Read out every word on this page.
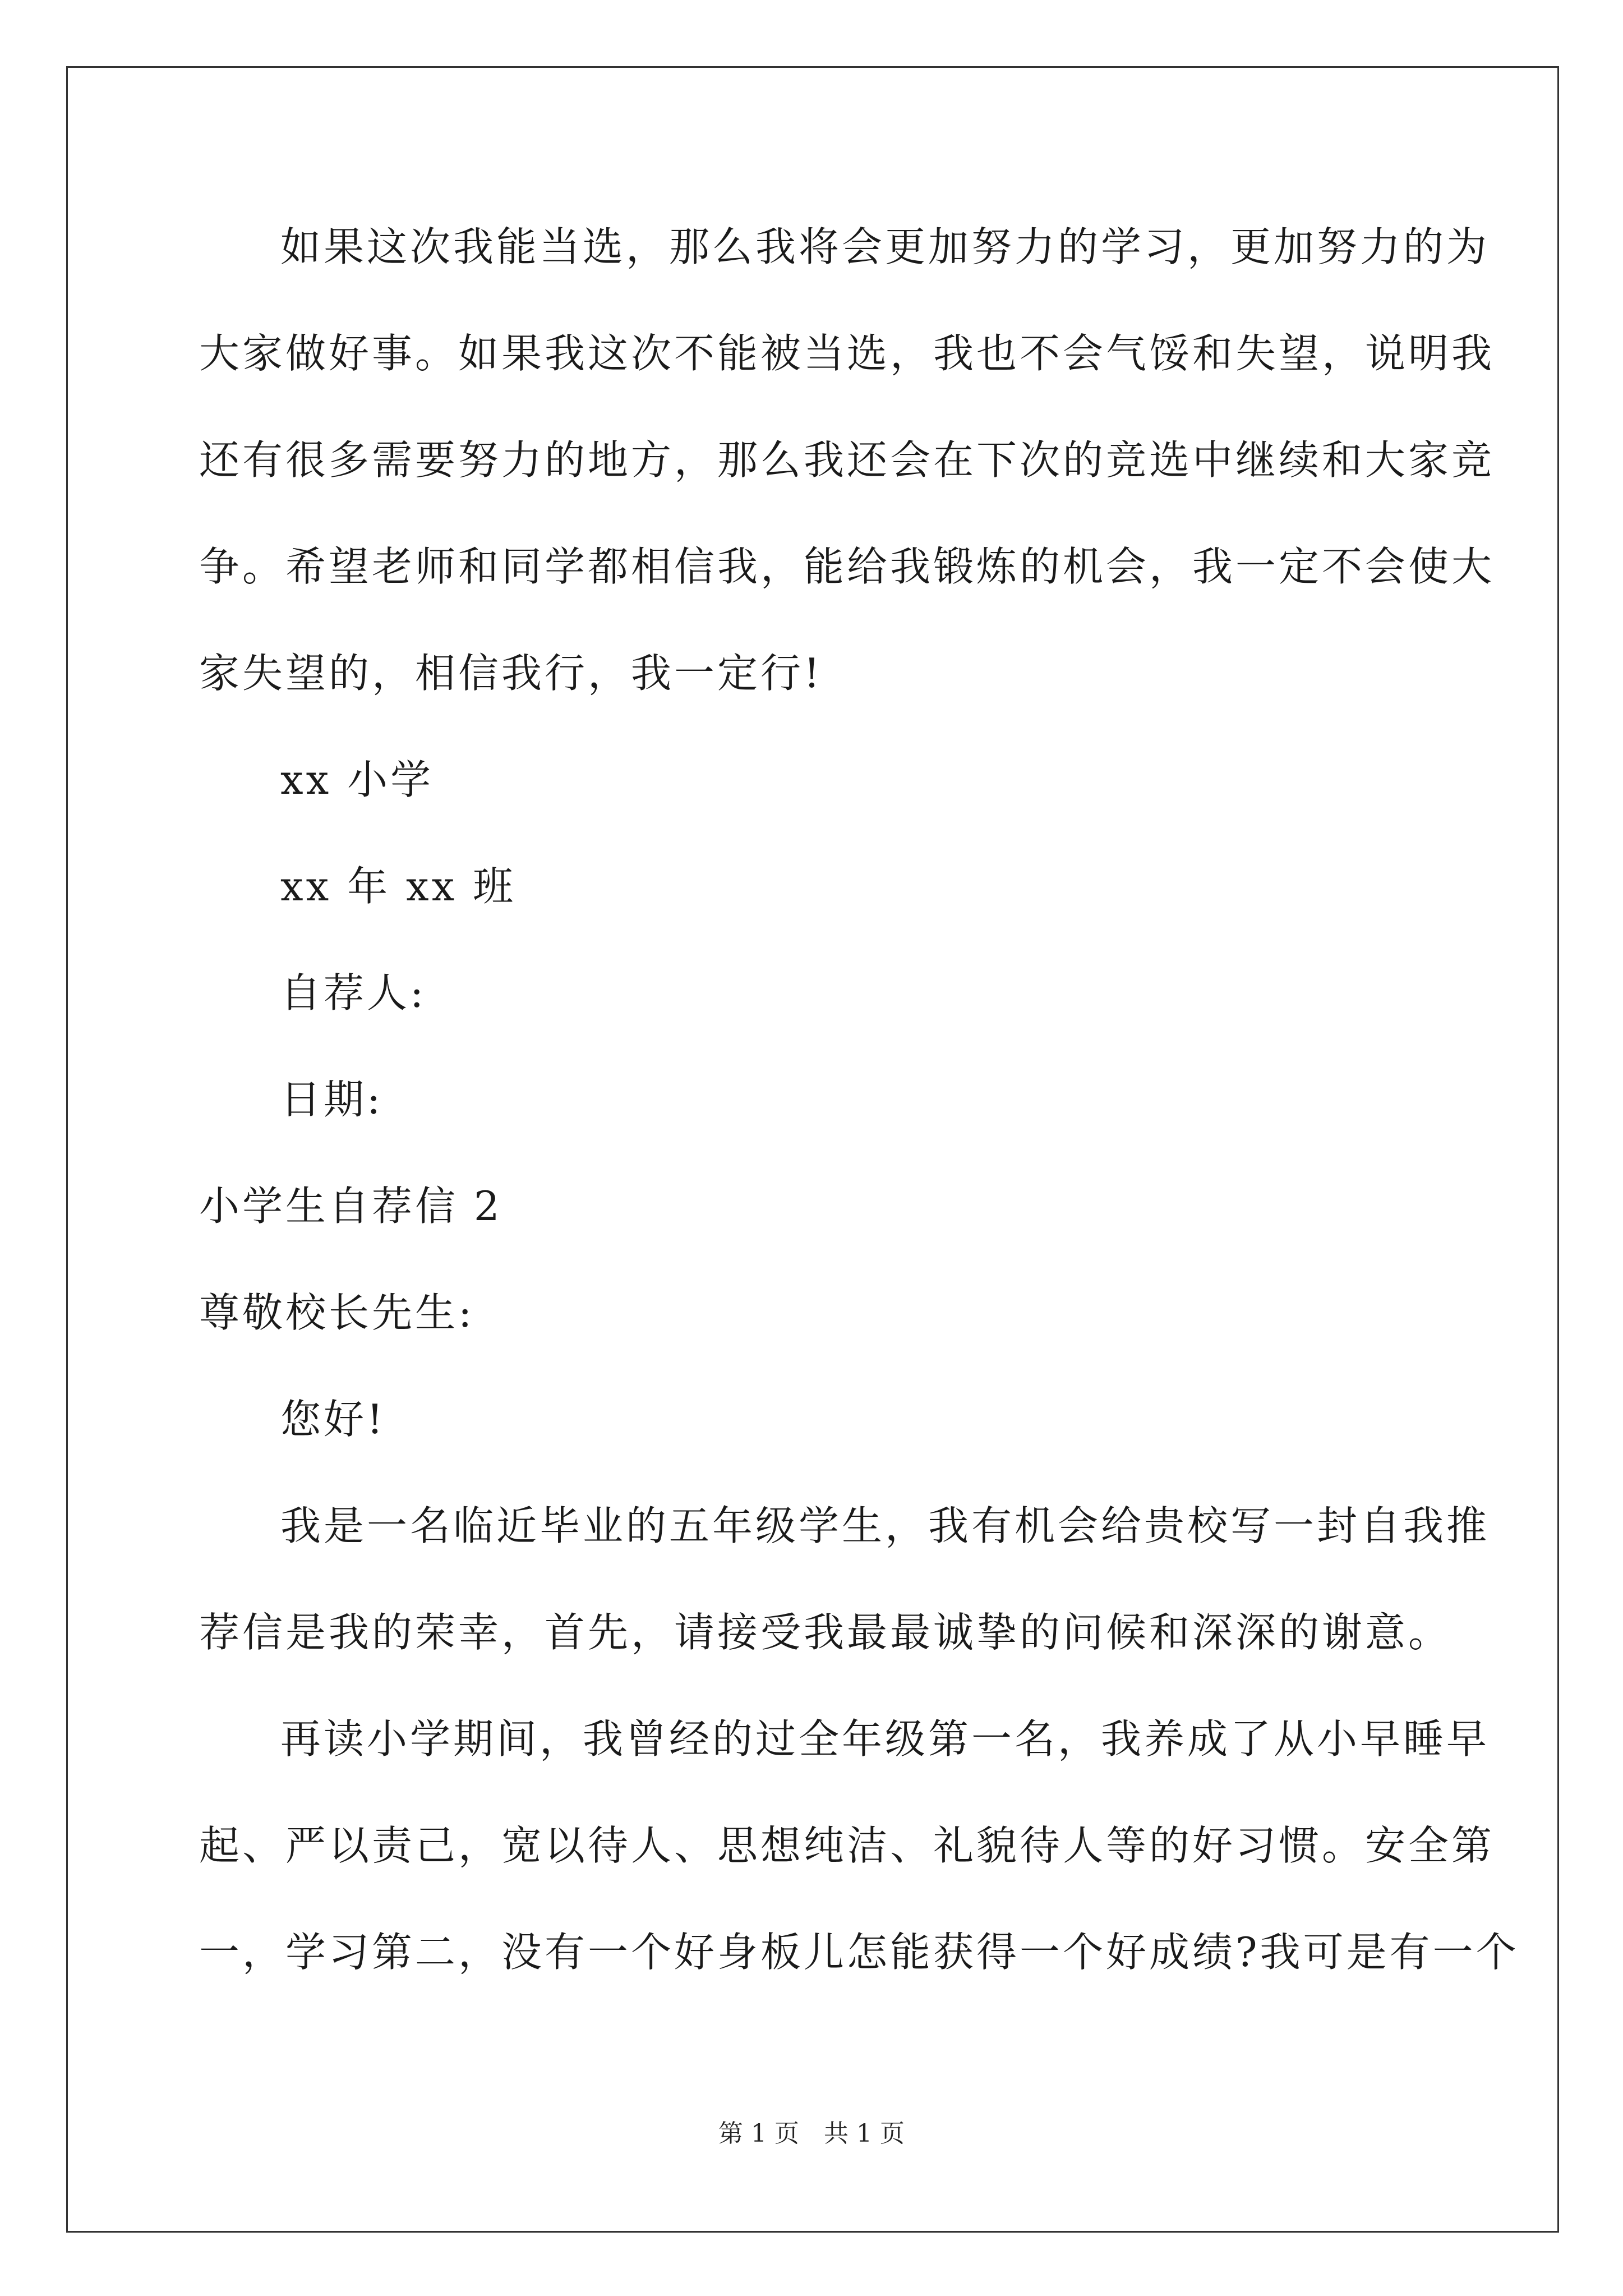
如果这次我能当选，那么我将会更加努力的学习，更加努力的为
大家做好事。如果我这次不能被当选，我也不会气馁和失望，说明我
还有很多需要努力的地方，那么我还会在下次的竞选中继续和大家竞
争。希望老师和同学都相信我，能给我锻炼的机会，我一定不会使大
家失望的，相信我行，我一定行!
xx 小学
xx 年 xx 班
自荐人:
日期:
小学生自荐信 2
尊敬校长先生:
您好!
我是一名临近毕业的五年级学生，我有机会给贵校写一封自我推
荐信是我的荣幸，首先，请接受我最最诚挚的问候和深深的谢意。
再读小学期间，我曾经的过全年级第一名，我养成了从小早睡早
起、严以责己，宽以待人、思想纯洁、礼貌待人等的好习惯。安全第
一，学习第二，没有一个好身板儿怎能获得一个好成绩?我可是有一个
第 1 页　共 1 页
